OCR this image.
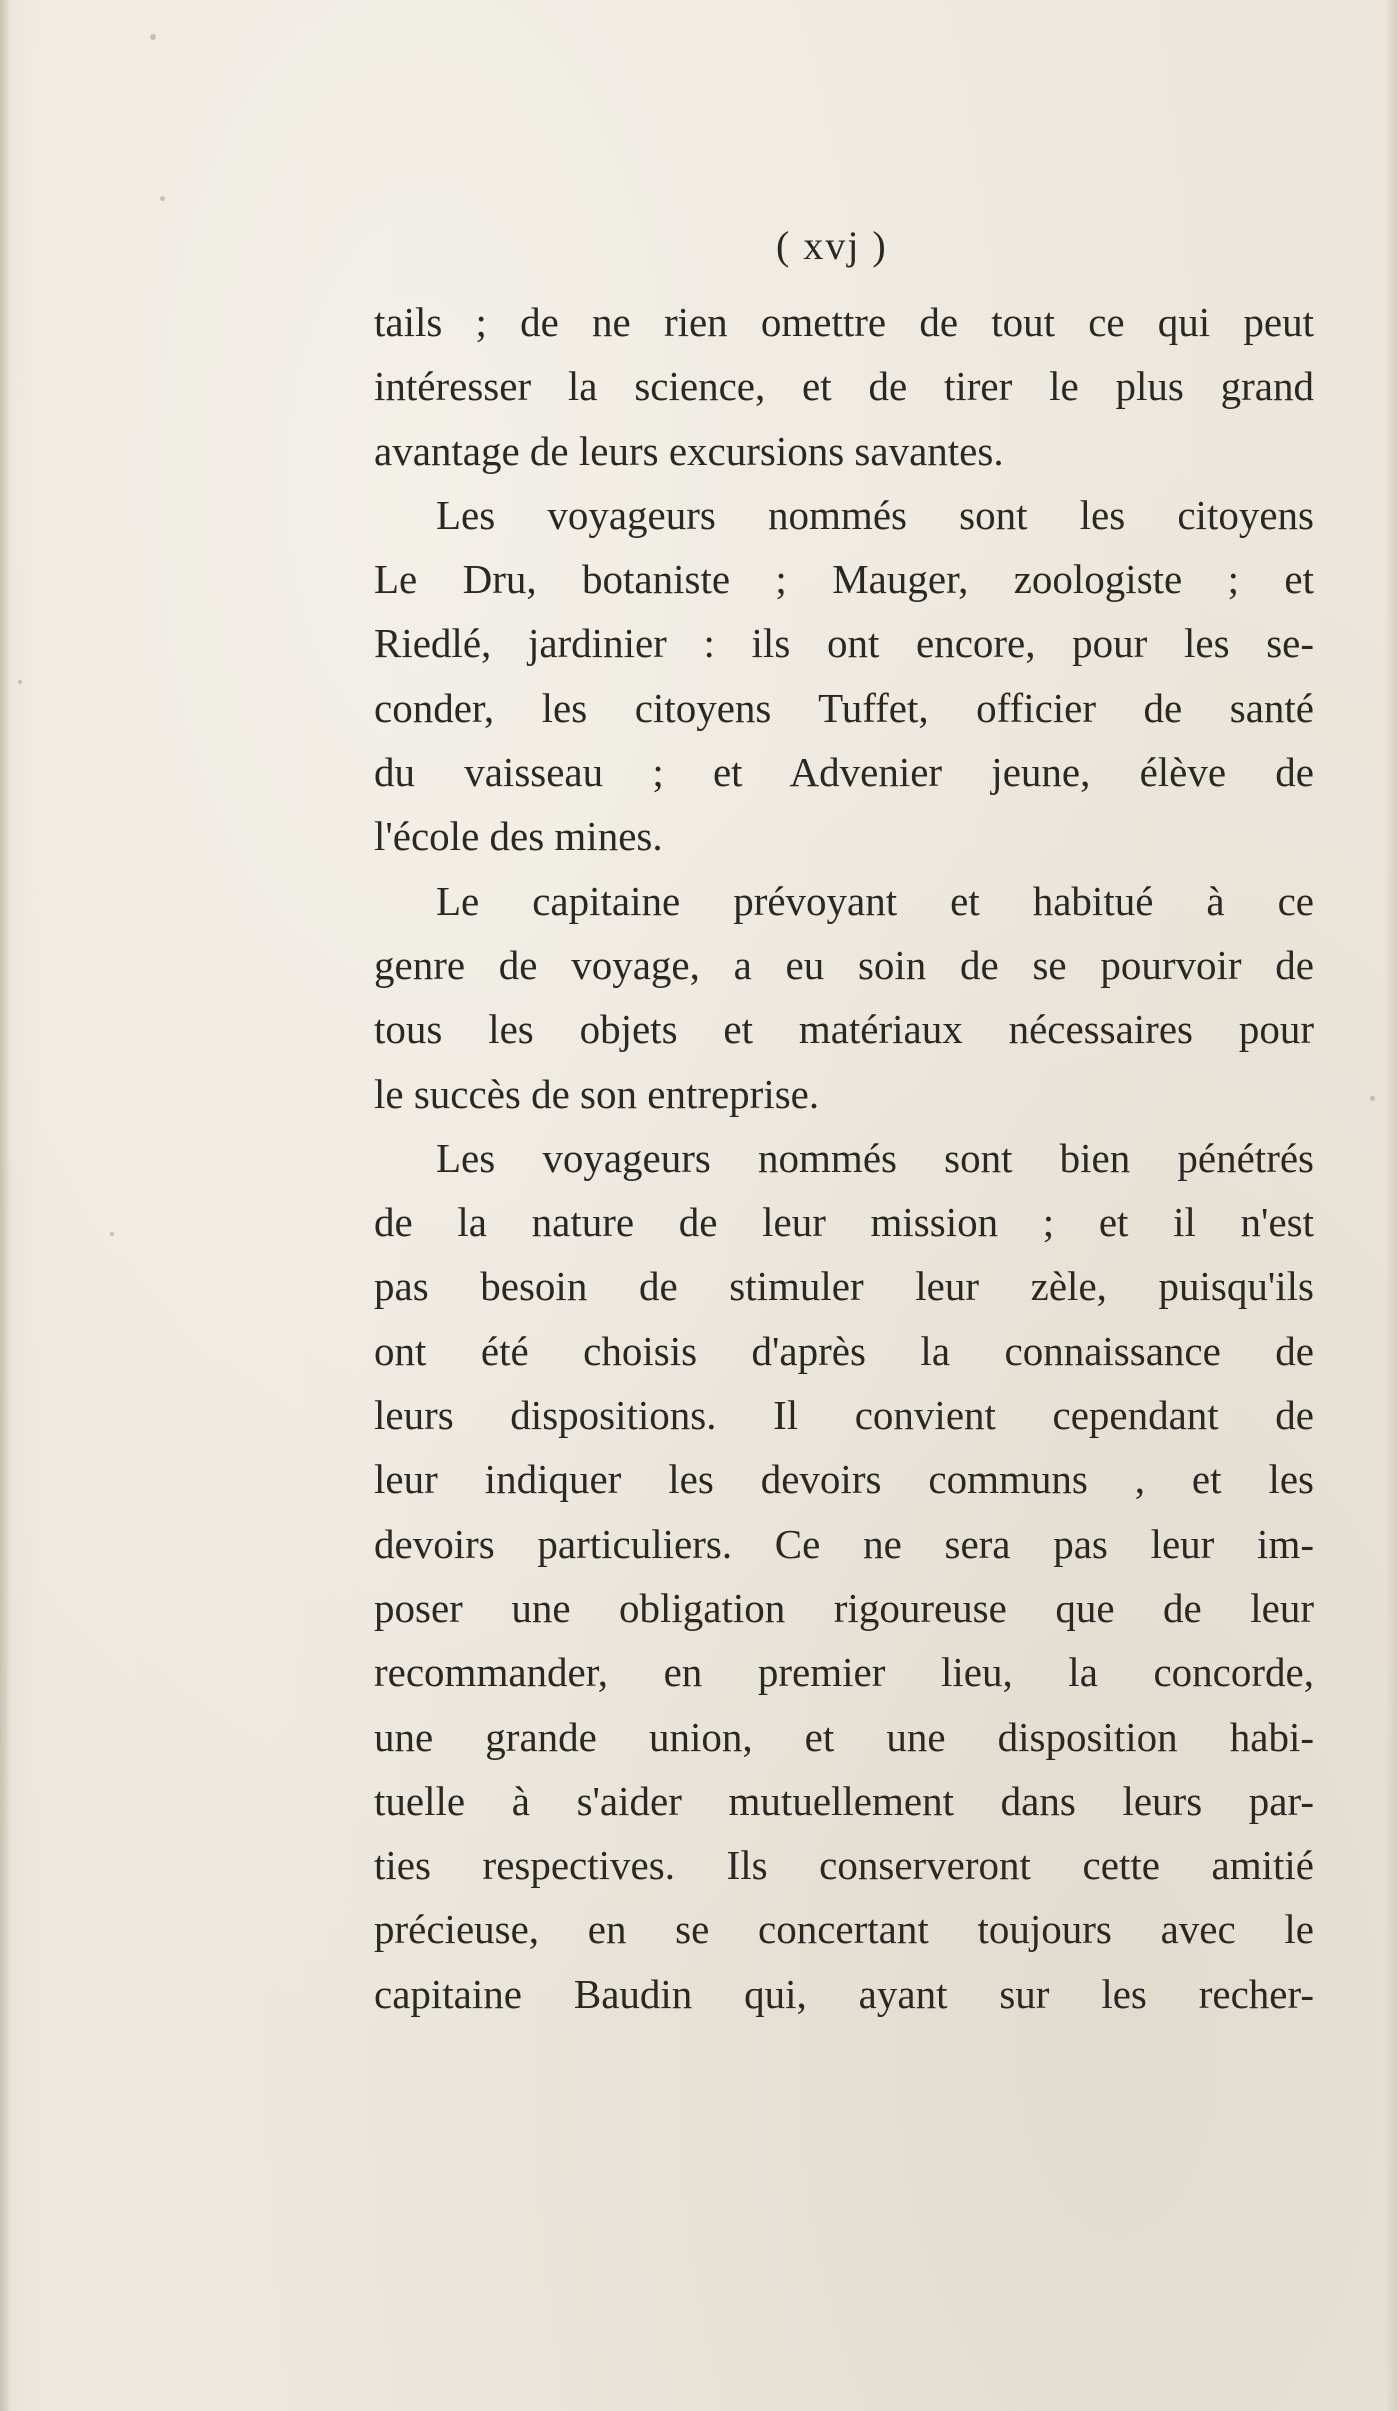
( xvj )
tails ; de ne rien omettre de tout ce qui peut
intéresser la science, et de tirer le plus grand
avantage de leurs excursions savantes.
Les voyageurs nommés sont les citoyens
Le Dru, botaniste ; Mauger, zoologiste ; et
Riedlé, jardinier : ils ont encore, pour les se-
conder, les citoyens Tuffet, officier de santé
du vaisseau ; et Advenier jeune, élève de
l'école des mines.
Le capitaine prévoyant et habitué à ce
genre de voyage, a eu soin de se pourvoir de
tous les objets et matériaux nécessaires pour
le succès de son entreprise.
Les voyageurs nommés sont bien pénétrés
de la nature de leur mission ; et il n'est
pas besoin de stimuler leur zèle, puisqu'ils
ont été choisis d'après la connaissance de
leurs dispositions. Il convient cependant de
leur indiquer les devoirs communs , et les
devoirs particuliers. Ce ne sera pas leur im-
poser une obligation rigoureuse que de leur
recommander, en premier lieu, la concorde,
une grande union, et une disposition habi-
tuelle à s'aider mutuellement dans leurs par-
ties respectives. Ils conserveront cette amitié
précieuse, en se concertant toujours avec le
capitaine Baudin qui, ayant sur les recher-
